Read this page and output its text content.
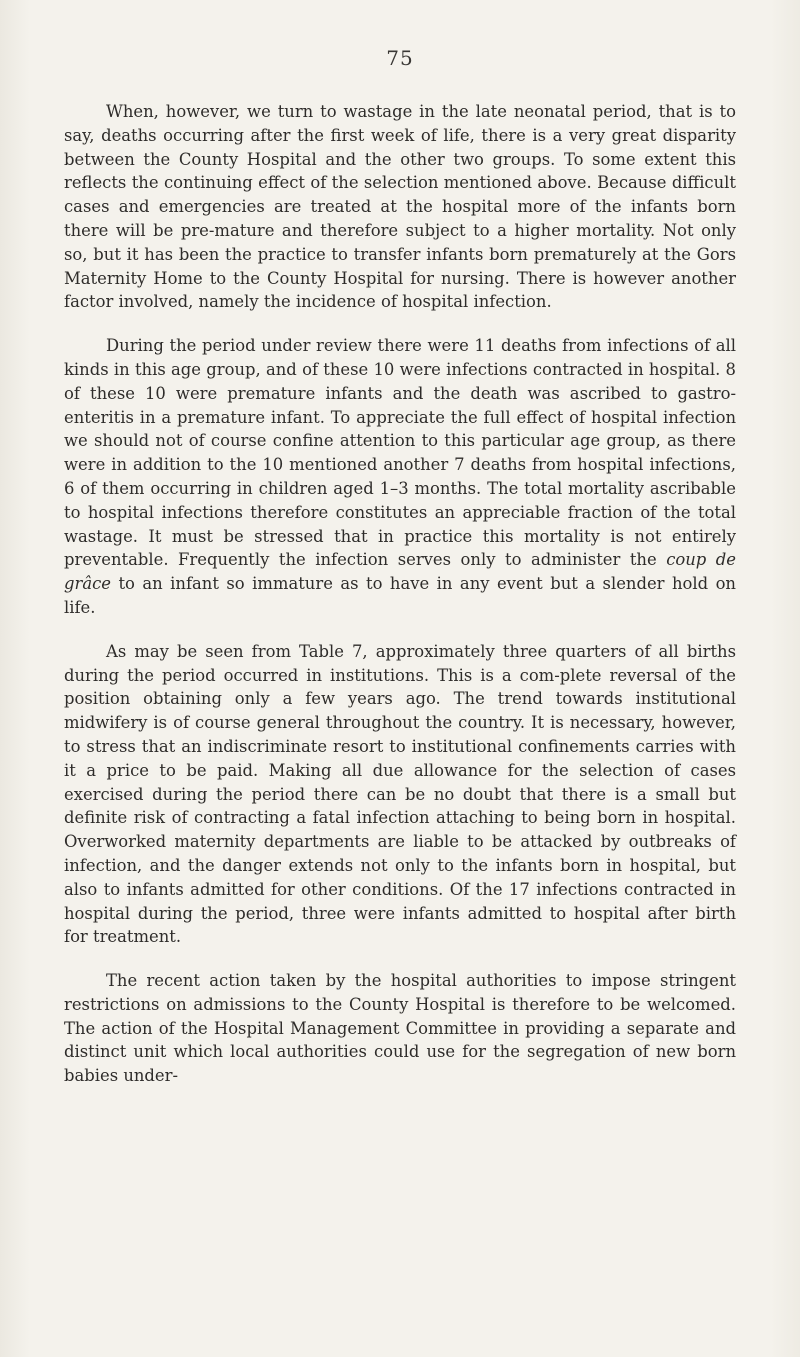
75

When, however, we turn to wastage in the late neonatal period, that is to say, deaths occurring after the first week of life, there is a very great disparity between the County Hospital and the other two groups. To some extent this reflects the continuing effect of the selection mentioned above. Because difficult cases and emergencies are treated at the hospital more of the infants born there will be pre-mature and therefore subject to a higher mortality. Not only so, but it has been the practice to transfer infants born prematurely at the Gors Maternity Home to the County Hospital for nursing. There is however another factor involved, namely the incidence of hospital infection.

During the period under review there were 11 deaths from infections of all kinds in this age group, and of these 10 were infections contracted in hospital. 8 of these 10 were premature infants and the death was ascribed to gastro-enteritis in a premature infant. To appreciate the full effect of hospital infection we should not of course confine attention to this particular age group, as there were in addition to the 10 mentioned another 7 deaths from hospital infections, 6 of them occurring in children aged 1–3 months. The total mortality ascribable to hospital infections therefore constitutes an appreciable fraction of the total wastage. It must be stressed that in practice this mortality is not entirely preventable. Frequently the infection serves only to administer the coup de grâce to an infant so immature as to have in any event but a slender hold on life.

As may be seen from Table 7, approximately three quarters of all births during the period occurred in institutions. This is a com-plete reversal of the position obtaining only a few years ago. The trend towards institutional midwifery is of course general throughout the country. It is necessary, however, to stress that an indiscriminate resort to institutional confinements carries with it a price to be paid. Making all due allowance for the selection of cases exercised during the period there can be no doubt that there is a small but definite risk of contracting a fatal infection attaching to being born in hospital. Overworked maternity departments are liable to be attacked by outbreaks of infection, and the danger extends not only to the infants born in hospital, but also to infants admitted for other conditions. Of the 17 infections contracted in hospital during the period, three were infants admitted to hospital after birth for treatment.

The recent action taken by the hospital authorities to impose stringent restrictions on admissions to the County Hospital is therefore to be welcomed. The action of the Hospital Management Committee in providing a separate and distinct unit which local authorities could use for the segregation of new born babies under-
